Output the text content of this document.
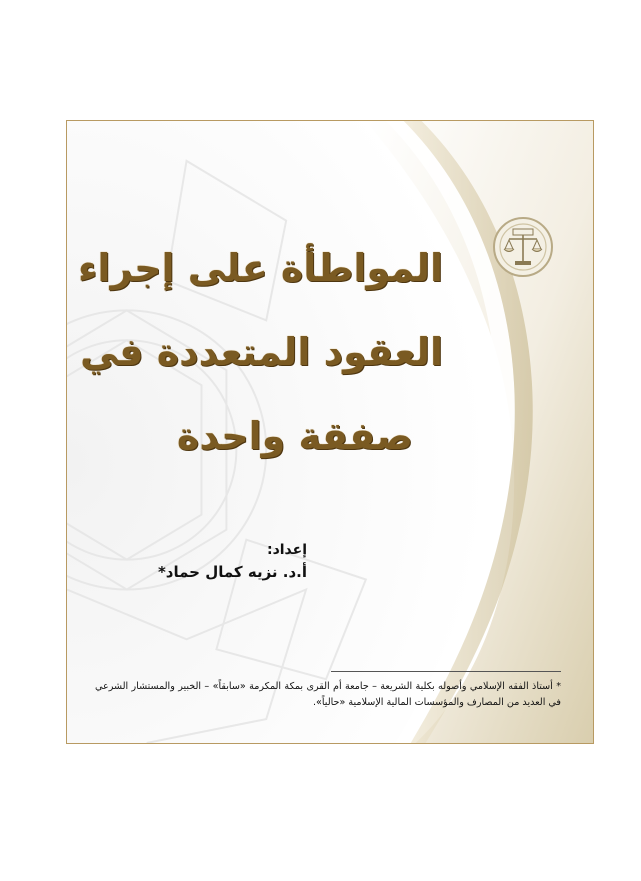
المواطأة على إجراء
العقود المتعددة في
صفقة واحدة
إعداد:
أ.د. نزيه كمال حماد*
* أستاذ الفقه الإسلامي وأصوله بكلية الشريعة – جامعة أم القرى بمكة المكرمة «سابقاً» – الخبير والمستشار الشرعي في العديد من المصارف والمؤسسات المالية الإسلامية «حالياً».
